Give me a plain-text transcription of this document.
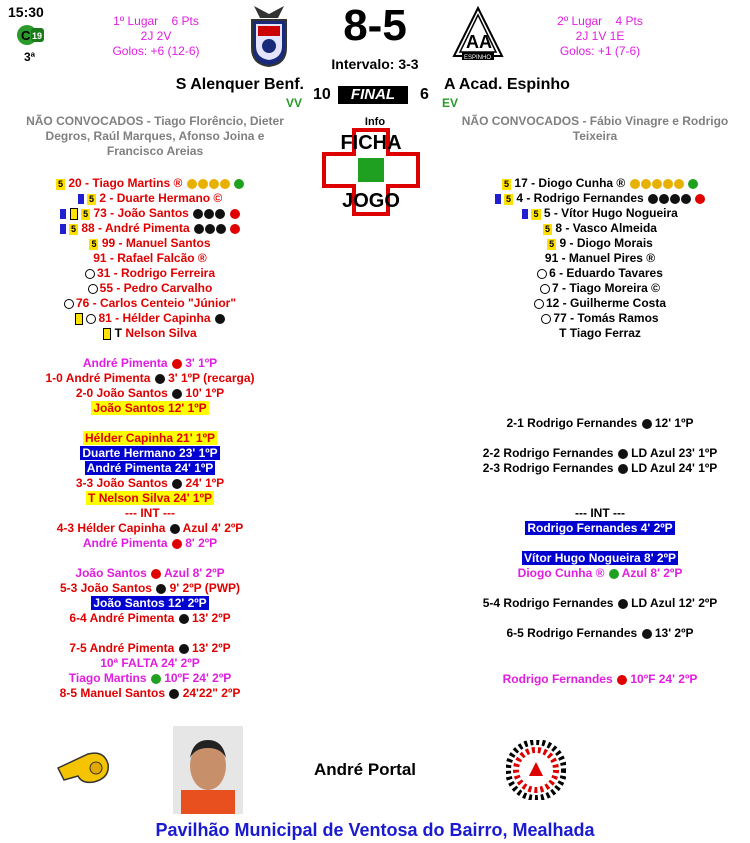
15:30
C 19
3ª
1º Lugar 6 Pts
2J 2V
Golos: +6 (12-6)
8-5
Intervalo: 3-3
AA
ESPINHO
2º Lugar 4 Pts
2J 1V 1E
Golos: +1 (7-6)
S Alenquer Benf.	A Acad. Espinho
VV 10	FINAL	6 EV
Info
FICHA
JOGO
NÃO CONVOCADOS - Tiago Florêncio, Dieter Degros, Raúl Marques, Afonso Joina e Francisco Areias
NÃO CONVOCADOS - Fábio Vinagre e Rodrigo Teixeira
5 20 - Tiago Martins ®
5 2 - Duarte Hermano ©
5 73 - João Santos
5 88 - André Pimenta
5 99 - Manuel Santos
91 - Rafael Falcão ®
31 - Rodrigo Ferreira
55 - Pedro Carvalho
76 - Carlos Centeio "Júnior"
81 - Hélder Capinha
T Nelson Silva
5 17 - Diogo Cunha ®
5 4 - Rodrigo Fernandes
5 5 - Vítor Hugo Nogueira
5 8 - Vasco Almeida
5 9 - Diogo Morais
91 - Manuel Pires ®
6 - Eduardo Tavares
7 - Tiago Moreira ©
12 - Guilherme Costa
77 - Tomás Ramos
T Tiago Ferraz
André Pimenta 3' 1ºP
1-0 André Pimenta 3' 1ºP (recarga)
2-0 João Santos 10' 1ºP
João Santos 12' 1ºP
Hélder Capinha 21' 1ºP
Duarte Hermano 23' 1ºP
André Pimenta 24' 1ºP
3-3 João Santos 24' 1ºP
T Nelson Silva 24' 1ºP
--- INT ---
4-3 Hélder Capinha Azul 4' 2ºP
André Pimenta 8' 2ºP
João Santos Azul 8' 2ºP
5-3 João Santos 9' 2ºP (PWP)
João Santos 12' 2ºP
6-4 André Pimenta 13' 2ºP
7-5 André Pimenta 13' 2ºP
10ª FALTA 24' 2ºP
Tiago Martins 10ºF 24' 2ºP
8-5 Manuel Santos 24'22" 2ºP
2-1 Rodrigo Fernandes 12' 1ºP
2-2 Rodrigo Fernandes LD Azul 23' 1ºP
2-3 Rodrigo Fernandes LD Azul 24' 1ºP
--- INT ---
Rodrigo Fernandes 4' 2ºP
Vítor Hugo Nogueira 8' 2ºP
Diogo Cunha ® Azul 8' 2ºP
5-4 Rodrigo Fernandes LD Azul 12' 2ºP
6-5 Rodrigo Fernandes 13' 2ºP
Rodrigo Fernandes 10ºF 24' 2ºP
André Portal
Pavilhão Municipal de Ventosa do Bairro, Mealhada
